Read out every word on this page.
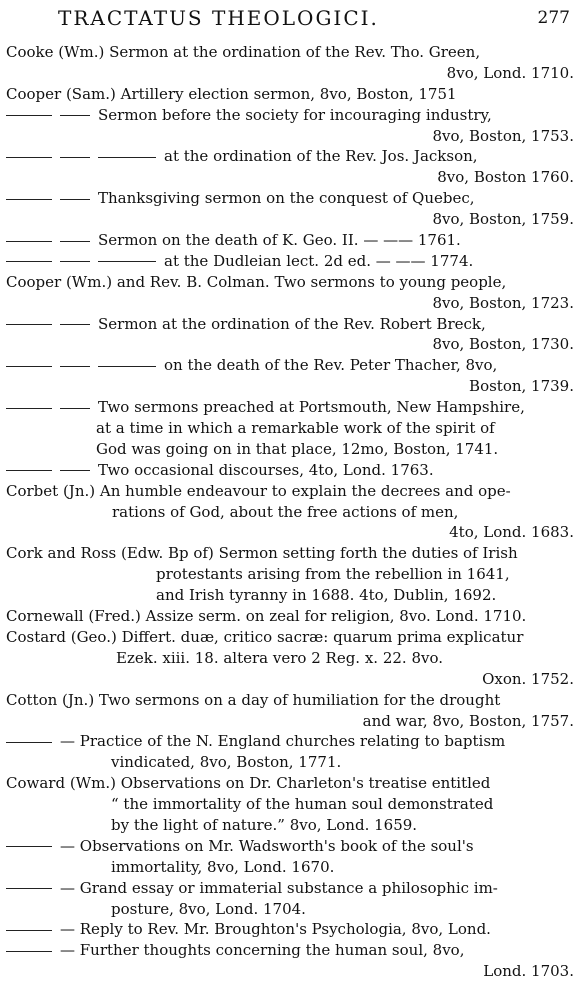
TRACTATUS THEOLOGICI.	277
Cooke (Wm.) Sermon at the ordination of the Rev. Tho. Green,
8vo, Lond. 1710.
Cooper (Sam.) Artillery election sermon, 8vo, Boston, 1751
Sermon before the society for incouraging industry,
8vo, Boston, 1753.
at the ordination of the Rev. Jos. Jackson,
8vo, Boston 1760.
Thanksgiving sermon on the conquest of Quebec,
8vo, Boston, 1759.
Sermon on the death of K. Geo. II. — —— 1761.
at the Dudleian lect. 2d ed. — —— 1774.
Cooper (Wm.) and Rev. B. Colman. Two sermons to young people,
8vo, Boston, 1723.
Sermon at the ordination of the Rev. Robert Breck,
8vo, Boston, 1730.
on the death of the Rev. Peter Thacher, 8vo,
Boston, 1739.
Two sermons preached at Portsmouth, New Hampshire,
at a time in which a remarkable work of the spirit of
God was going on in that place, 12mo, Boston, 1741.
Two occasional discourses, 4to, Lond. 1763.
Corbet (Jn.) An humble endeavour to explain the decrees and ope-
rations of God, about the free actions of men,
4to, Lond. 1683.
Cork and Ross (Edw. Bp of) Sermon setting forth the duties of Irish
protestants arising from the rebellion in 1641,
and Irish tyranny in 1688. 4to, Dublin, 1692.
Cornewall (Fred.) Assize serm. on zeal for religion, 8vo. Lond. 1710.
Costard (Geo.) Differt. duæ, critico sacræ: quarum prima explicatur
Ezek. xiii. 18. altera vero 2 Reg. x. 22. 8vo.
Oxon. 1752.
Cotton (Jn.) Two sermons on a day of humiliation for the drought
and war, 8vo, Boston, 1757.
— Practice of the N. England churches relating to baptism
vindicated, 8vo, Boston, 1771.
Coward (Wm.) Observations on Dr. Charleton's treatise entitled
“ the immortality of the human soul demonstrated
by the light of nature.” 8vo, Lond. 1659.
— Observations on Mr. Wadsworth's book of the soul's
immortality, 8vo, Lond. 1670.
— Grand essay or immaterial substance a philosophic im-
posture, 8vo, Lond. 1704.
— Reply to Rev. Mr. Broughton's Psychologia, 8vo, Lond.
— Further thoughts concerning the human soul, 8vo,
Lond. 1703.
